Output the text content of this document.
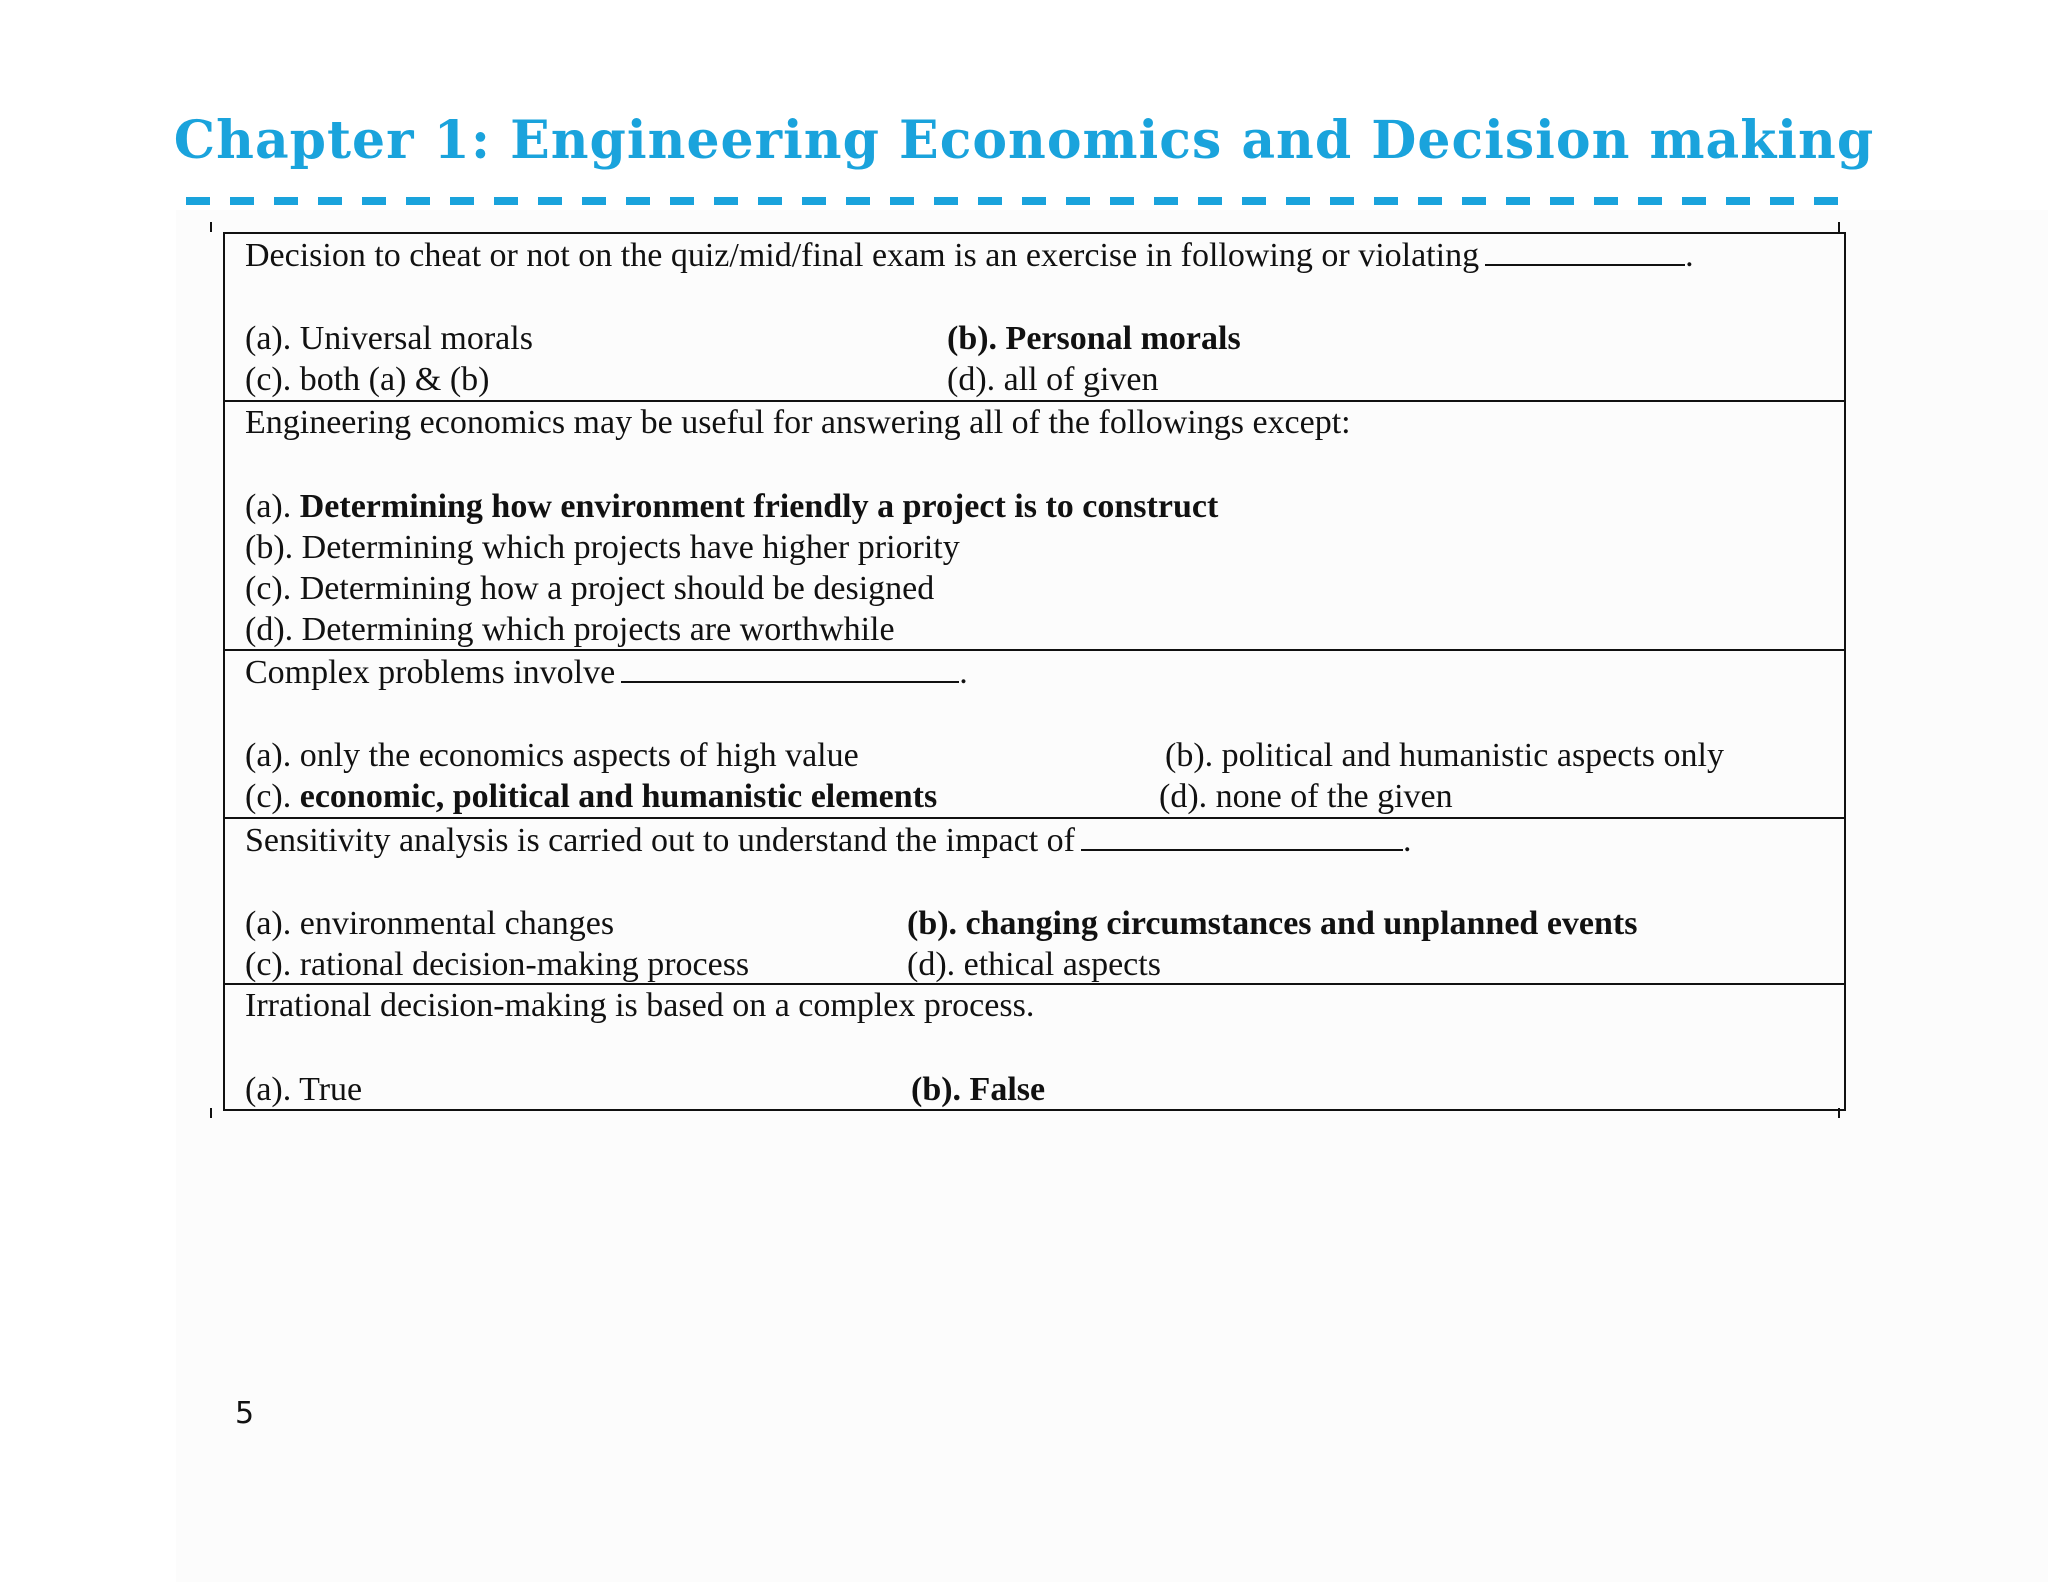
Chapter 1: Engineering Economics and Decision making
Decision to cheat or not on the quiz/mid/final exam is an exercise in following or violating	.
(a). Universal morals	(b). Personal morals
(c). both (a) & (b)	(d). all of given
Engineering economics may be useful for answering all of the followings except:
(a). Determining how environment friendly a project is to construct
(b). Determining which projects have higher priority
(c). Determining how a project should be designed
(d). Determining which projects are worthwhile
Complex problems involve	.
(a). only the economics aspects of high value	(b). political and humanistic aspects only
(c). economic, political and humanistic elements	(d). none of the given
Sensitivity analysis is carried out to understand the impact of	.
(a). environmental changes	(b). changing circumstances and unplanned events
(c). rational decision-making process	(d). ethical aspects
Irrational decision-making is based on a complex process.
(a). True	(b). False
5
